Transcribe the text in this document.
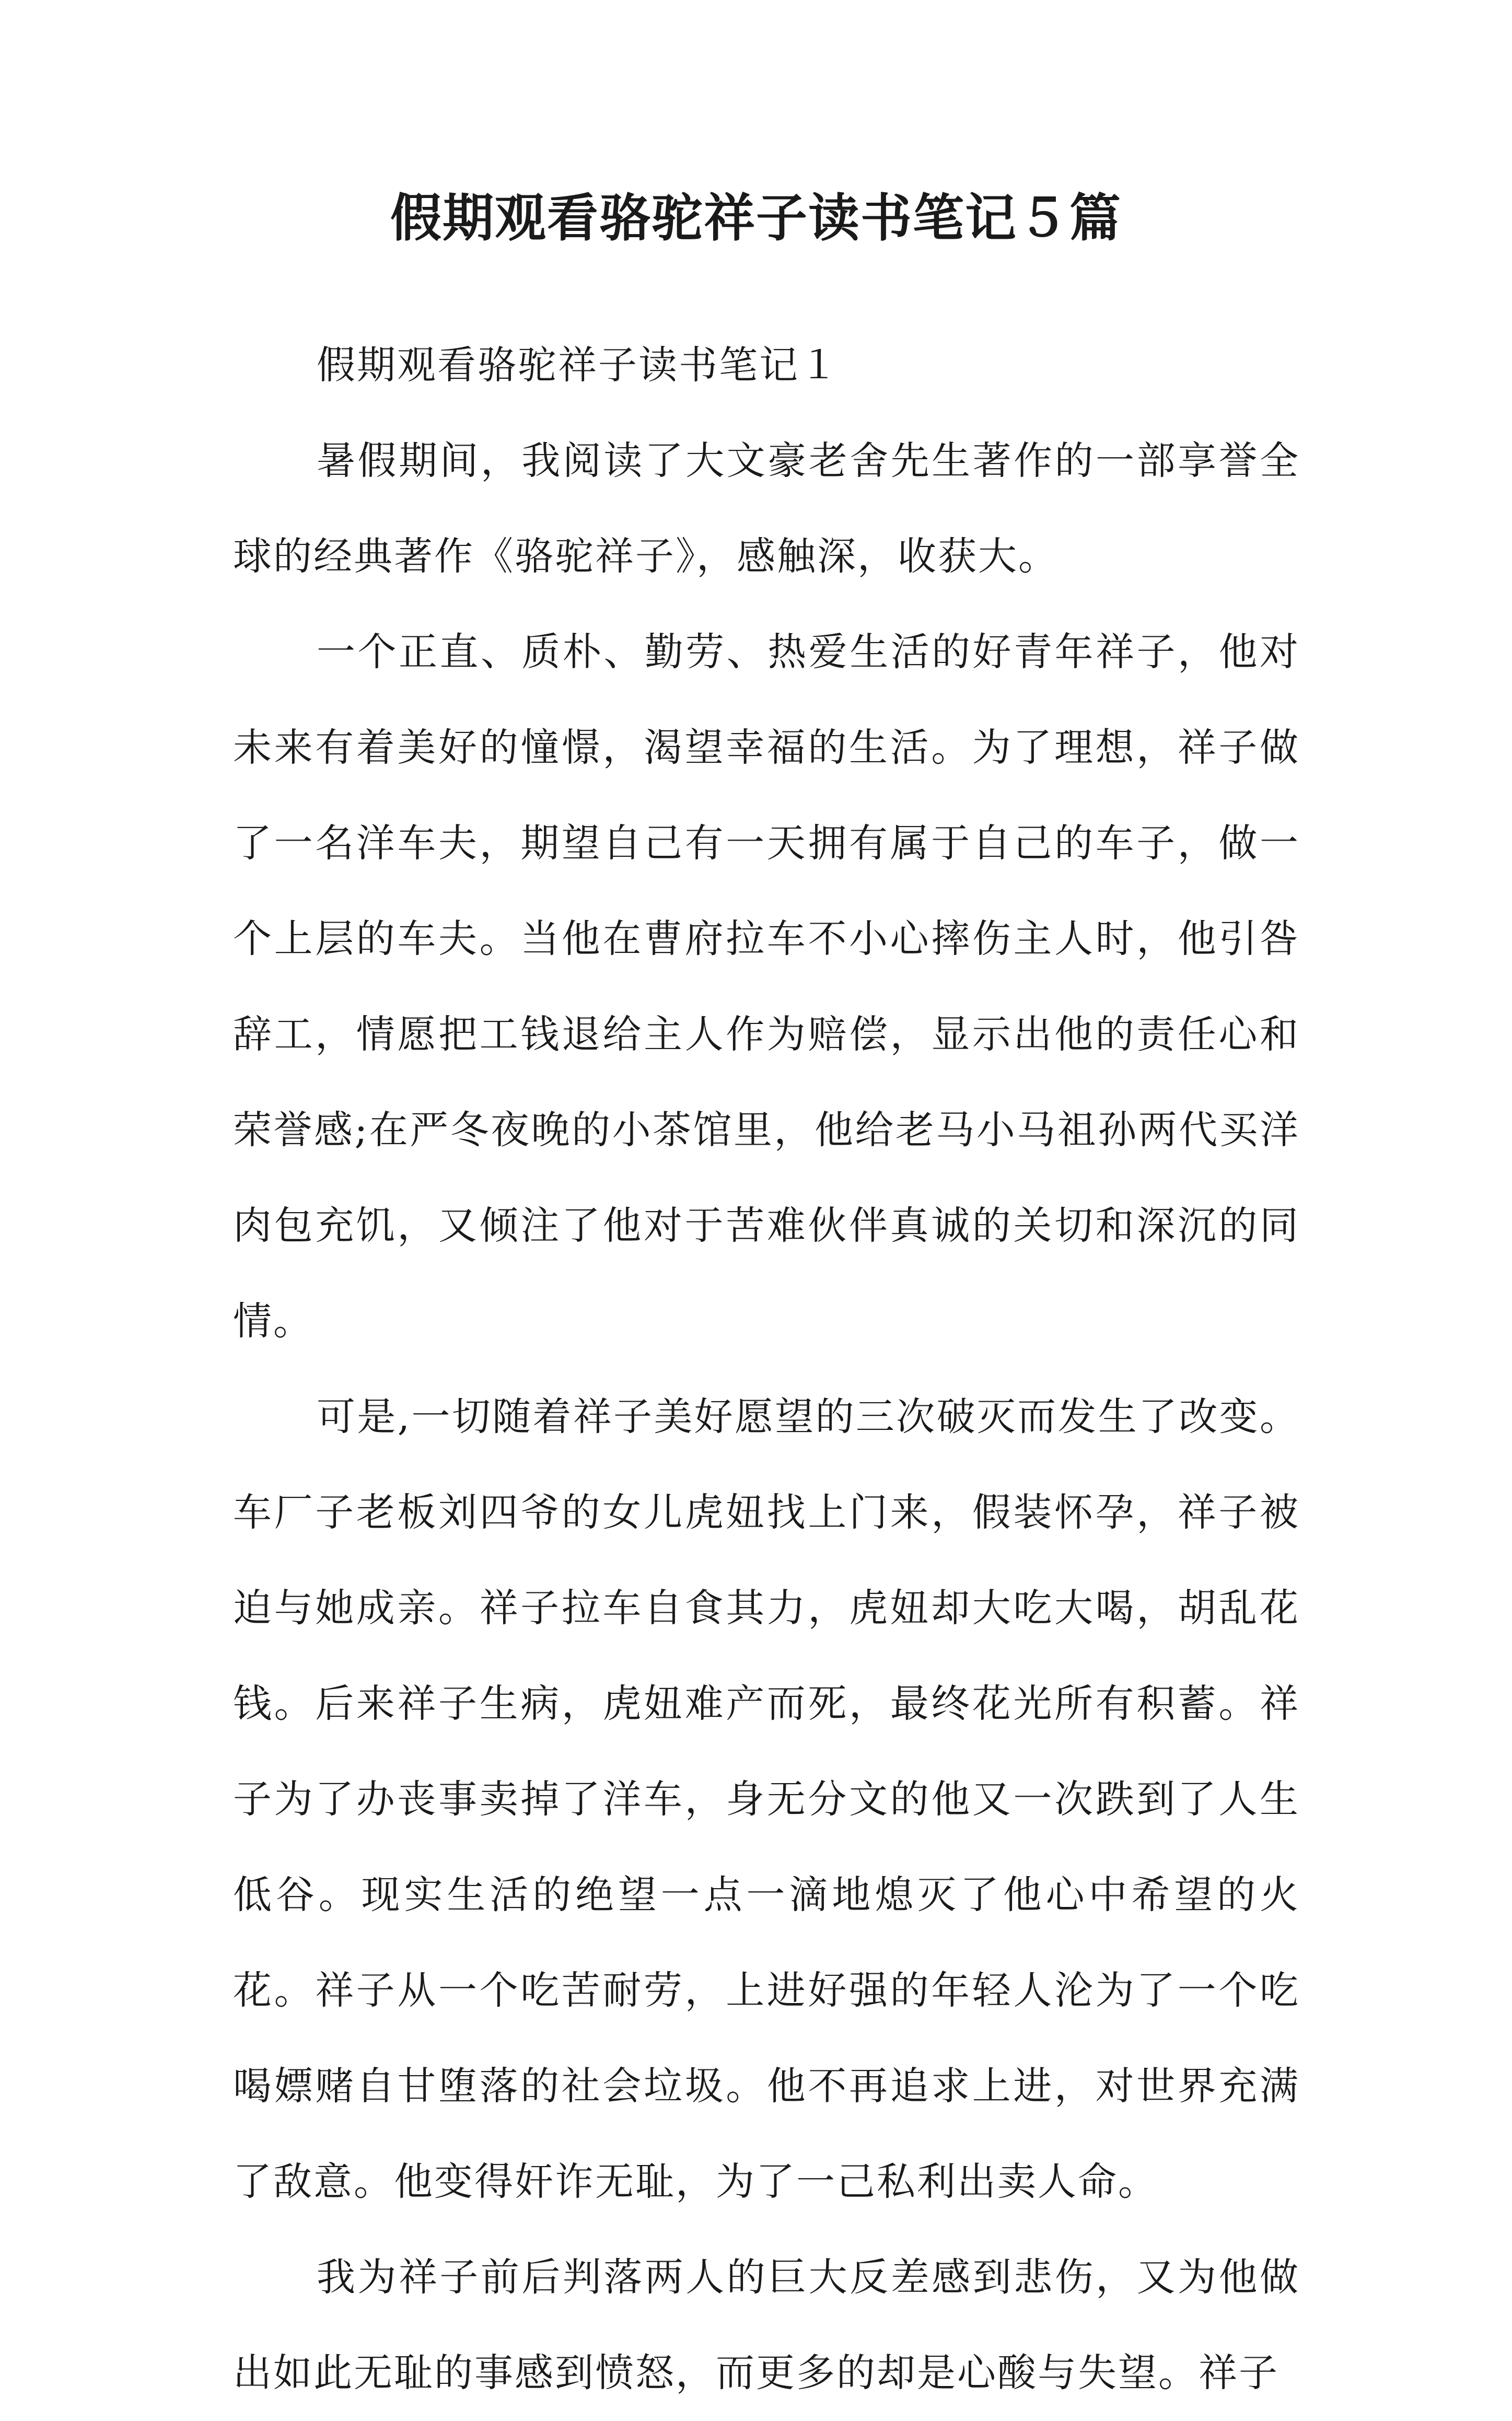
假期观看骆驼祥子读书笔记５篇

假期观看骆驼祥子读书笔记１

暑假期间，我阅读了大文豪老舍先生著作的一部享誉全球的经典著作《骆驼祥子》，感触深，收获大。

一个正直、质朴、勤劳、热爱生活的好青年祥子，他对未来有着美好的憧憬，渴望幸福的生活。为了理想，祥子做了一名洋车夫，期望自己有一天拥有属于自己的车子，做一个上层的车夫。当他在曹府拉车不小心摔伤主人时，他引咎辞工，情愿把工钱退给主人作为赔偿，显示出他的责任心和荣誉感;在严冬夜晚的小茶馆里，他给老马小马祖孙两代买洋肉包充饥，又倾注了他对于苦难伙伴真诚的关切和深沉的同情。

可是,一切随着祥子美好愿望的三次破灭而发生了改变。车厂子老板刘四爷的女儿虎妞找上门来，假装怀孕，祥子被迫与她成亲。祥子拉车自食其力，虎妞却大吃大喝，胡乱花钱。后来祥子生病，虎妞难产而死，最终花光所有积蓄。祥子为了办丧事卖掉了洋车，身无分文的他又一次跌到了人生低谷。现实生活的绝望一点一滴地熄灭了他心中希望的火花。祥子从一个吃苦耐劳，上进好强的年轻人沦为了一个吃喝嫖赌自甘堕落的社会垃圾。他不再追求上进，对世界充满了敌意。他变得奸诈无耻，为了一己私利出卖人命。

我为祥子前后判落两人的巨大反差感到悲伤，又为他做出如此无耻的事感到愤怒，而更多的却是心酸与失望。祥子
